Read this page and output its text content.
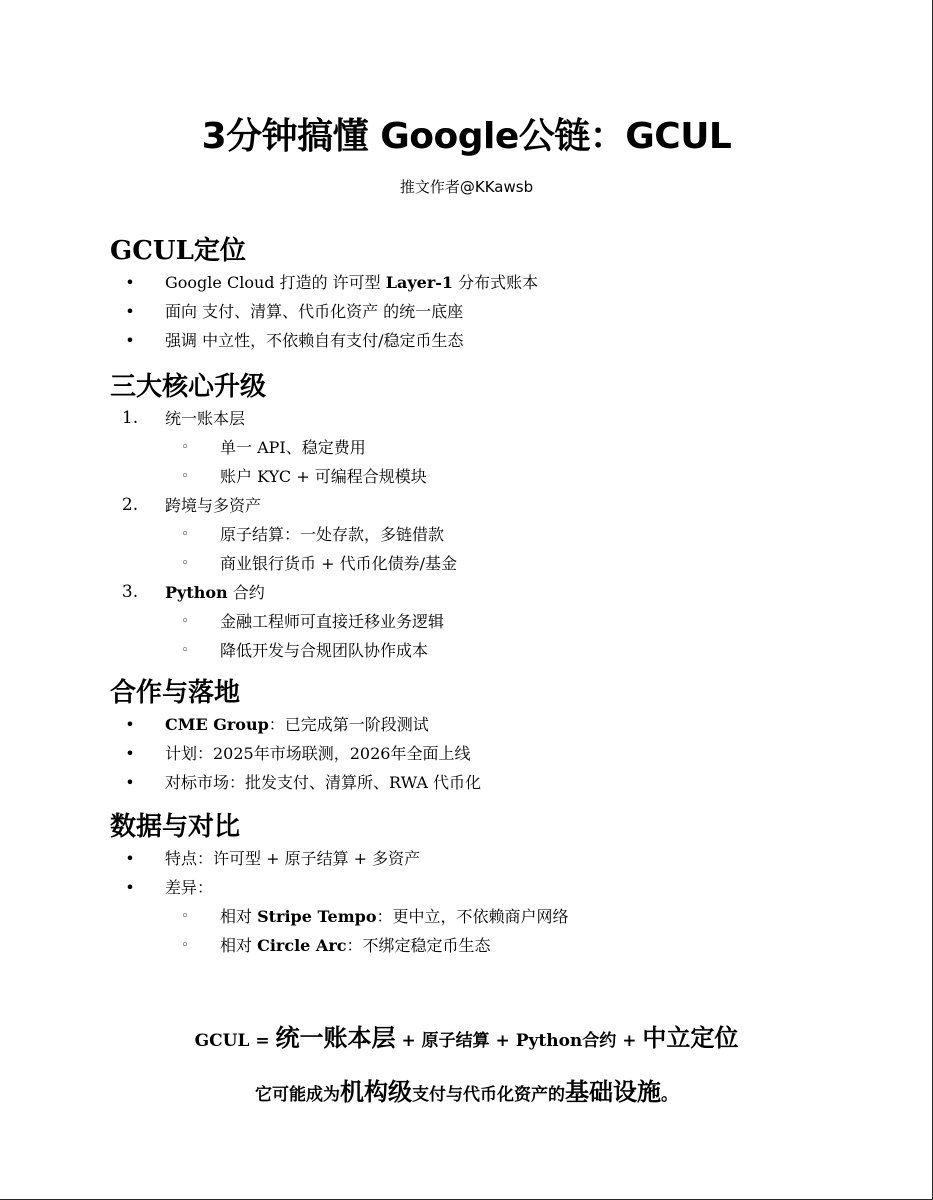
3分钟搞懂 Google公链：GCUL
推文作者@KKawsb
GCUL定位
•	Google Cloud 打造的 许可型 Layer-1 分布式账本
•	面向 支付、清算、代币化资产 的统一底座
•	强调 中立性，不依赖自有支付/稳定币生态
三大核心升级
1.	统一账本层
◦	单一 API、稳定费用
◦	账户 KYC + 可编程合规模块
2.	跨境与多资产
◦	原子结算：一处存款，多链借款
◦	商业银行货币 + 代币化债券/基金
3.	Python 合约
◦	金融工程师可直接迁移业务逻辑
◦	降低开发与合规团队协作成本
合作与落地
•	CME Group：已完成第一阶段测试
•	计划：2025年市场联测，2026年全面上线
•	对标市场：批发支付、清算所、RWA 代币化
数据与对比
•	特点：许可型 + 原子结算 + 多资产
•	差异：
◦	相对 Stripe Tempo：更中立，不依赖商户网络
◦	相对 Circle Arc：不绑定稳定币生态
GCUL = 统一账本层 + 原子结算 + Python合约 + 中立定位
它可能成为机构级支付与代币化资产的基础设施。
